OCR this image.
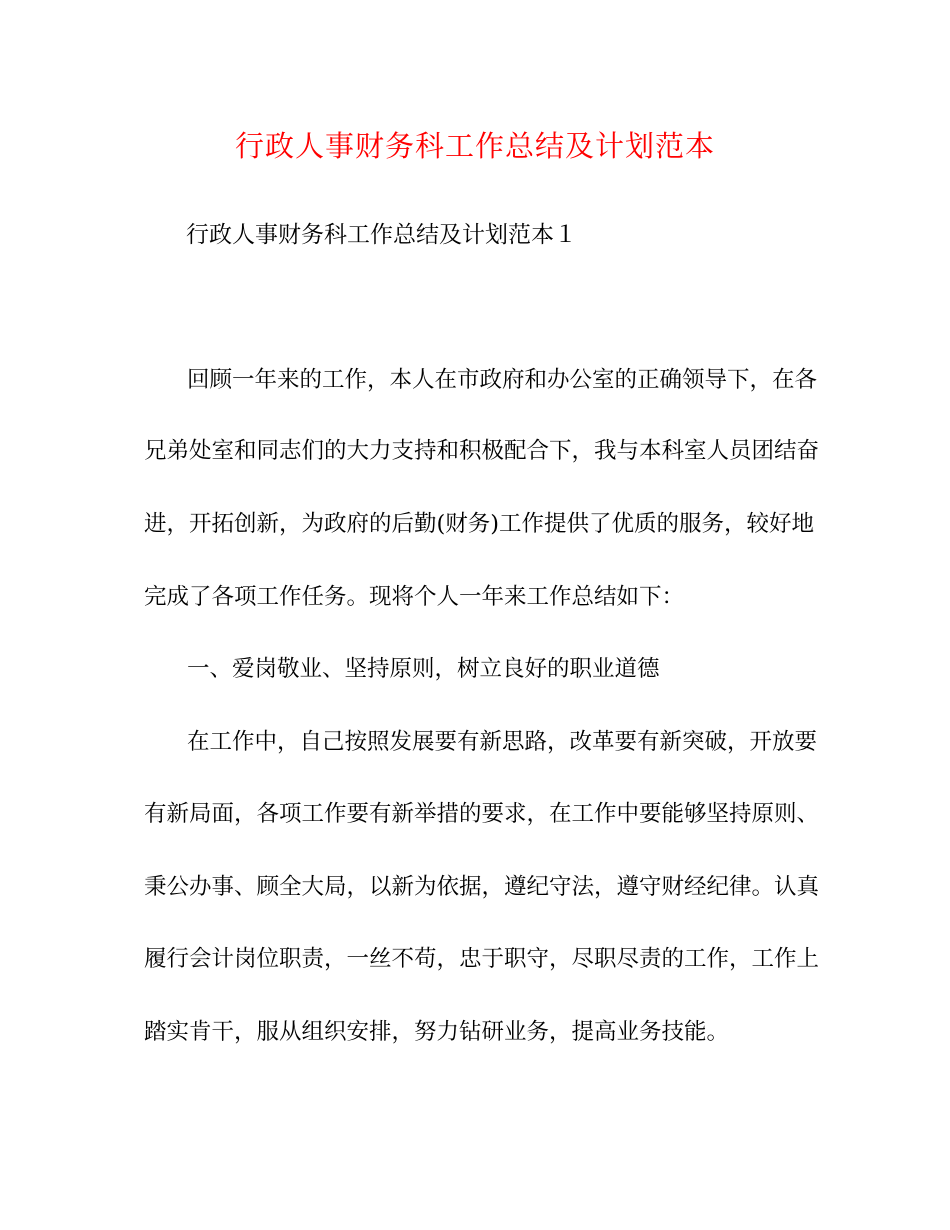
行政人事财务科工作总结及计划范本
行政人事财务科工作总结及计划范本１
回顾一年来的工作，本人在市政府和办公室的正确领导下，在各
兄弟处室和同志们的大力支持和积极配合下，我与本科室人员团结奋
进，开拓创新，为政府的后勤(财务)工作提供了优质的服务，较好地
完成了各项工作任务。现将个人一年来工作总结如下：
一、爱岗敬业、坚持原则，树立良好的职业道德
在工作中，自己按照发展要有新思路，改革要有新突破，开放要
有新局面，各项工作要有新举措的要求，在工作中要能够坚持原则、
秉公办事、顾全大局，以新为依据，遵纪守法，遵守财经纪律。认真
履行会计岗位职责，一丝不苟，忠于职守，尽职尽责的工作，工作上
踏实肯干，服从组织安排，努力钻研业务，提高业务技能。
